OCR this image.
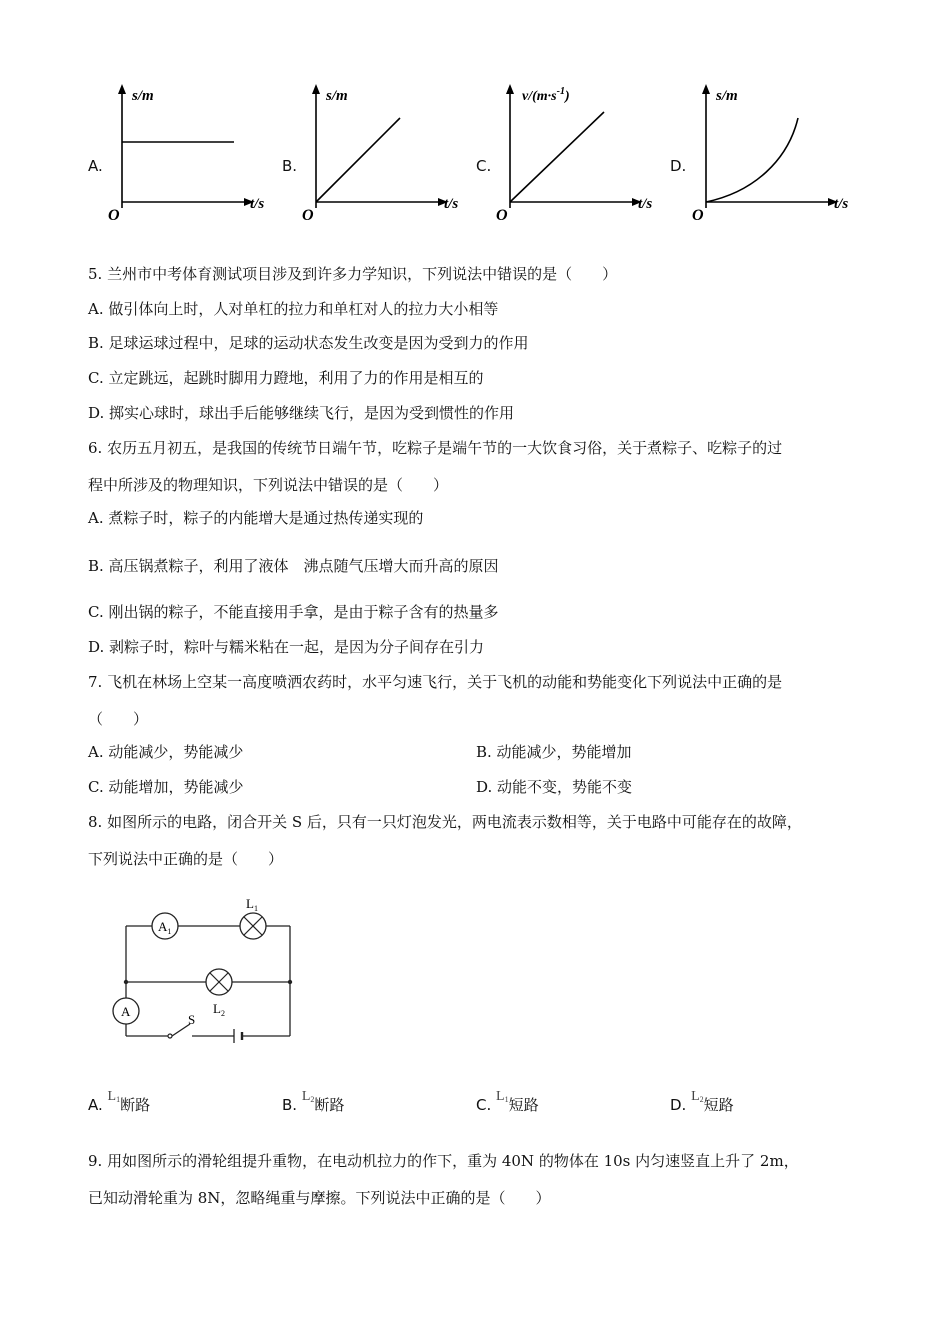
A.
s/m
t/s
O
B.
s/m
t/s
O
C.
$v/(m\cdot s^{-1})$
t/s
O
D.
s/m
t/s
O
5. 兰州市中考体育测试项目涉及到许多力学知识，下列说法中错误的是（　　）
A. 做引体向上时，人对单杠的拉力和单杠对人的拉力大小相等
B. 足球运球过程中，足球的运动状态发生改变是因为受到力的作用
C. 立定跳远，起跳时脚用力蹬地，利用了力的作用是相互的
D. 掷实心球时，球出手后能够继续飞行，是因为受到惯性的作用
6. 农历五月初五，是我国的传统节日端午节，吃粽子是端午节的一大饮食习俗，关于煮粽子、吃粽子的过
程中所涉及的物理知识，下列说法中错误的是（　　）
A. 煮粽子时，粽子的内能增大是通过热传递实现的
B. 高压锅煮粽子，利用了液体　沸点随气压增大而升高的原因
C. 刚出锅的粽子，不能直接用手拿，是由于粽子含有的热量多
D. 剥粽子时，粽叶与糯米粘在一起，是因为分子间存在引力
7. 飞机在林场上空某一高度喷洒农药时，水平匀速飞行，关于飞机的动能和势能变化下列说法中正确的是
（　　）
A. 动能减少，势能减少	B. 动能减少，势能增加
C. 动能增加，势能减少	D. 动能不变，势能不变
8. 如图所示的电路，闭合开关 S 后，只有一只灯泡发光，两电流表示数相等，关于电路中可能存在的故障，
下列说法中正确的是（　　）
S
$A_1$
$L_1$
$L_2$
A
A. $L^1$断路	B. $L^2$断路	C. $L^1$短路	D. $L^2$短路
9. 用如图所示的滑轮组提升重物，在电动机拉力的作下，重为 40N 的物体在 10s 内匀速竖直上升了 2m，
已知动滑轮重为 8N，忽略绳重与摩擦。下列说法中正确的是（　　）
